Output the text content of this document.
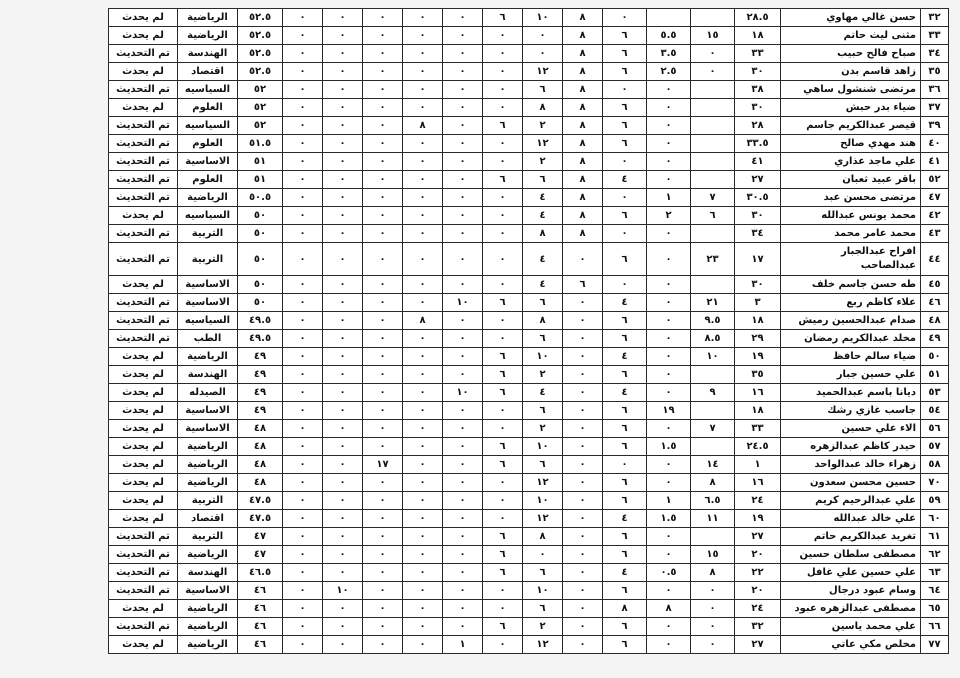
٣٢	حسن غالي مهاوي	٢٨.٥			٠	٨	١٠	٦	٠	٠	٠	٠	٠	٥٢.٥	الرياضية	لم يحدث
٣٣	مثنى ليث حاتم	١٨	١٥	٥.٥	٦	٨	٠	٠	٠	٠	٠	٠	٠	٥٢.٥	الرياضية	لم يحدث
٣٤	صباح فالح حبيب	٣٣	٠	٣.٥	٦	٨	٠	٠	٠	٠	٠	٠	٠	٥٢.٥	الهندسة	تم التحديث
٣٥	زاهد قاسم بدن	٣٠	٠	٢.٥	٦	٨	١٢	٠	٠	٠	٠	٠	٠	٥٢.٥	اقتصاد	لم يحدث
٣٦	مرتضى شنشول ساهي	٣٨		٠	٠	٨	٦	٠	٠	٠	٠	٠	٠	٥٢	السياسيه	تم التحديث
٣٧	ضياء بدر حبش	٣٠		٠	٦	٨	٨	٠	٠	٠	٠	٠	٠	٥٢	العلوم	لم يحدث
٣٩	قيصر عبدالكريم جاسم	٢٨		٠	٦	٨	٢	٦	٠	٨	٠	٠	٠	٥٢	السياسيه	تم التحديث
٤٠	هند مهدي صالح	٣٣.٥		٠	٦	٨	١٢	٠	٠	٠	٠	٠	٠	٥١.٥	العلوم	تم التحديث
٤١	علي ماجد عذاري	٤١		٠	٠	٨	٢	٠	٠	٠	٠	٠	٠	٥١	الاساسية	تم التحديث
٥٢	باقر عبيد ثعبان	٢٧		٠	٤	٨	٦	٦	٠	٠	٠	٠	٠	٥١	العلوم	تم التحديث
٤٧	مرتضى محسن عبد	٣٠.٥	٧	١	٠	٨	٤	٠	٠	٠	٠	٠	٠	٥٠.٥	الرياضية	تم التحديث
٤٢	محمد يونس عبدالله	٣٠	٦	٢	٦	٨	٤	٠	٠	٠	٠	٠	٠	٥٠	السياسيه	لم يحدث
٤٣	محمد عامر محمد	٣٤		٠	٠	٨	٨	٠	٠	٠	٠	٠	٠	٥٠	التربية	تم التحديث
٤٤	افراح عبدالجبار عبدالصاحب	١٧	٢٣	٠	٦	٠	٤	٠	٠	٠	٠	٠	٠	٥٠	التربية	تم التحديث
٤٥	طه حسن جاسم خلف	٣٠		٠	٠	٦	٤	٠	٠	٠	٠	٠	٠	٥٠	الاساسية	لم يحدث
٤٦	علاء كاظم ربع	٣	٢١	٠	٤	٠	٦	٦	١٠	٠	٠	٠	٠	٥٠	الاساسية	تم التحديث
٤٨	صدام عبدالحسين رميش	١٨	٩.٥	٠	٦	٠	٨	٠	٠	٨	٠	٠	٠	٤٩.٥	السياسيه	تم التحديث
٤٩	مخلد عبدالكريم رمضان	٢٩	٨.٥	٠	٦	٠	٦	٠	٠	٠	٠	٠	٠	٤٩.٥	الطب	تم التحديث
٥٠	ضياء سالم حافظ	١٩	١٠	٠	٤	٠	١٠	٦	٠	٠	٠	٠	٠	٤٩	الرياضية	لم يحدث
٥١	علي حسين جبار	٣٥		٠	٦	٠	٢	٦	٠	٠	٠	٠	٠	٤٩	الهندسة	لم يحدث
٥٣	ديانا باسم عبدالحميد	١٦	٩	٠	٤	٠	٤	٦	١٠	٠	٠	٠	٠	٤٩	الصيدله	لم يحدث
٥٤	جاسب غازي رشك	١٨		١٩	٦	٠	٦	٠	٠	٠	٠	٠	٠	٤٩	الاساسية	لم يحدث
٥٦	الاء علي حسين	٣٣	٧	٠	٦	٠	٢	٠	٠	٠	٠	٠	٠	٤٨	الاساسية	لم يحدث
٥٧	حيدر كاظم عبدالزهره	٢٤.٥		١.٥	٦	٠	١٠	٦	٠	٠	٠	٠	٠	٤٨	الرياضية	لم يحدث
٥٨	زهراء خالد عبدالواحد	١	١٤	٠	٠	٠	٦	٦	٠	٠	١٧	٠	٠	٤٨	الرياضية	لم يحدث
٧٠	حسين محسن سعدون	١٦	٨	٠	٦	٠	١٢	٠	٠	٠	٠	٠	٠	٤٨	الرياضية	لم يحدث
٥٩	علي عبدالرحيم كريم	٢٤	٦.٥	١	٦	٠	١٠	٠	٠	٠	٠	٠	٠	٤٧.٥	التربية	لم يحدث
٦٠	علي خالد عبدالله	١٩	١١	١.٥	٤	٠	١٢	٠	٠	٠	٠	٠	٠	٤٧.٥	اقتصاد	لم يحدث
٦١	تغريد عبدالكريم حاتم	٢٧		٠	٦	٠	٨	٦	٠	٠	٠	٠	٠	٤٧	التربية	تم التحديث
٦٢	مصطفى سلطان حسين	٢٠	١٥	٠	٦	٠	٠	٦	٠	٠	٠	٠	٠	٤٧	الرياضية	تم التحديث
٦٣	علي حسين علي غافل	٢٢	٨	٠.٥	٤	٠	٦	٦	٠	٠	٠	٠	٠	٤٦.٥	الهندسة	تم التحديث
٦٤	وسام عبود درجال	٢٠	٠	٠	٦	٠	١٠	٠	٠	٠	٠	١٠	٠	٤٦	الاساسية	تم التحديث
٦٥	مصطفى عبدالزهره عبود	٢٤	٠	٨	٨	٠	٦	٠	٠	٠	٠	٠	٠	٤٦	الرياضية	لم يحدث
٦٦	علي محمد ياسين	٣٢	٠	٠	٦	٠	٢	٦	٠	٠	٠	٠	٠	٤٦	الرياضية	تم التحديث
٧٧	مخلص مكي عاتي	٢٧	٠	٠	٦	٠	١٢	٠	١	٠	٠	٠	٠	٤٦	الرياضية	لم يحدث
